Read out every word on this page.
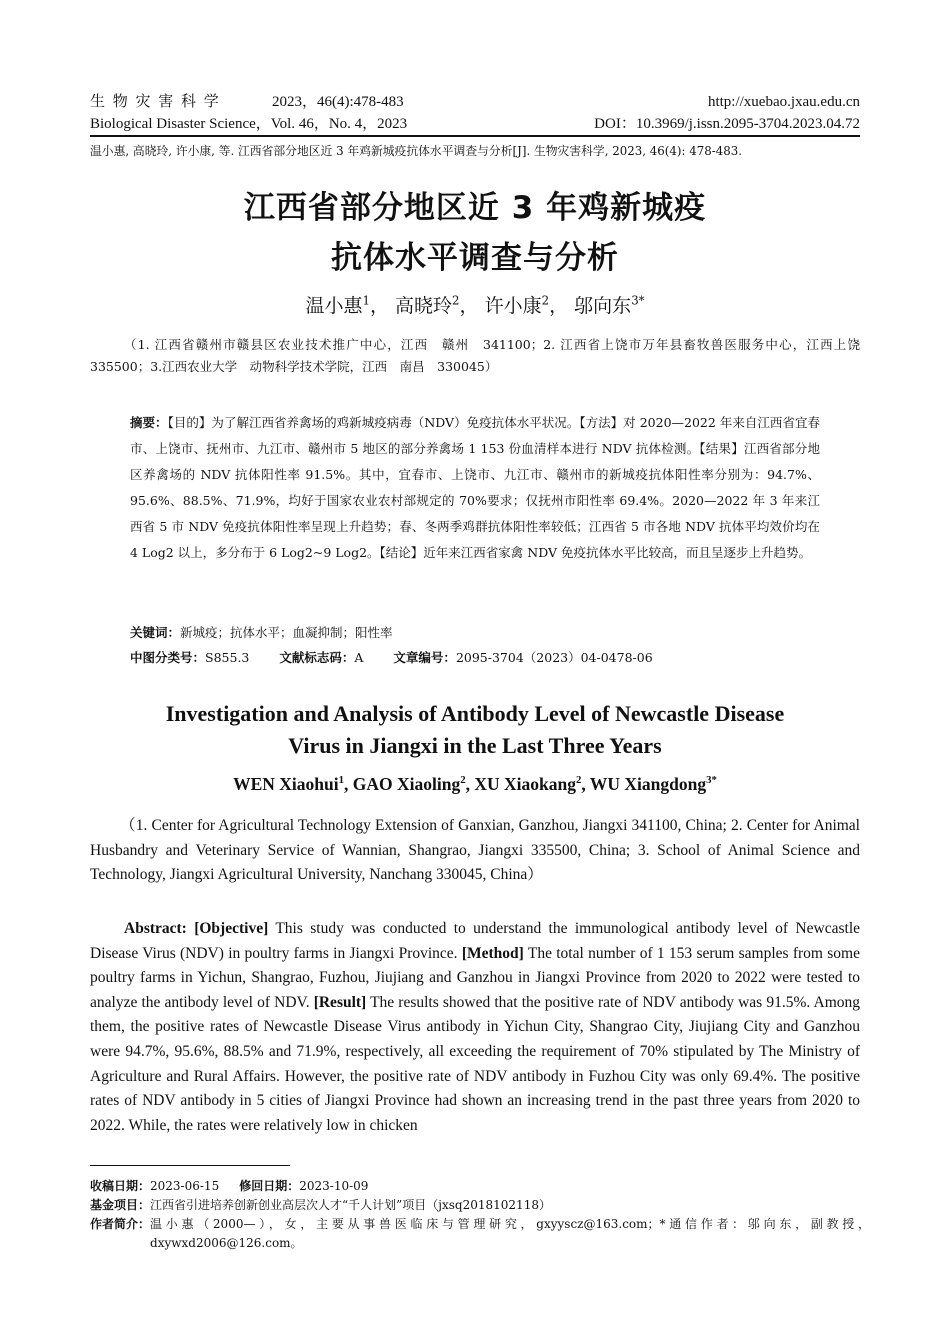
生 物 灾 害 科 学	2023，46(4):478-483	http://xuebao.jxau.edu.cn
Biological Disaster Science，Vol. 46，No. 4，2023	DOI：10.3969/j.issn.2095-3704.2023.04.72
温小惠, 高晓玲, 许小康, 等. 江西省部分地区近 3 年鸡新城疫抗体水平调查与分析[J]. 生物灾害科学, 2023, 46(4): 478-483.
江西省部分地区近 3 年鸡新城疫
抗体水平调查与分析
温小惠$^1$， 高晓玲$^2$， 许小康$^2$， 邬向东$^{3*}$
（1. 江西省赣州市赣县区农业技术推广中心，江西　赣州　341100；2. 江西省上饶市万年县畜牧兽医服务中心，江西上饶　335500；3.江西农业大学　动物科学技术学院，江西　南昌　330045）
摘要：【目的】为了解江西省养禽场的鸡新城疫病毒（NDV）免疫抗体水平状况。【方法】对 2020—2022 年来自江西省宜春市、上饶市、抚州市、九江市、赣州市 5 地区的部分养禽场 1 153 份血清样本进行 NDV 抗体检测。【结果】江西省部分地区养禽场的 NDV 抗体阳性率 91.5%。其中，宜春市、上饶市、九江市、赣州市的新城疫抗体阳性率分别为：94.7%、95.6%、88.5%、71.9%，均好于国家农业农村部规定的 70%要求；仅抚州市阳性率 69.4%。2020—2022 年 3 年来江西省 5 市 NDV 免疫抗体阳性率呈现上升趋势；春、冬两季鸡群抗体阳性率较低；江西省 5 市各地 NDV 抗体平均效价均在 4 Log2 以上，多分布于 6 Log2~9 Log2。【结论】近年来江西省家禽 NDV 免疫抗体水平比较高，而且呈逐步上升趋势。
关键词：新城疫；抗体水平；血凝抑制；阳性率
中图分类号：S855.3 文献标志码：A 文章编号：2095-3704（2023）04-0478-06
Investigation and Analysis of Antibody Level of Newcastle Disease
Virus in Jiangxi in the Last Three Years
WEN Xiaohui$^1$, GAO Xiaoling$^2$, XU Xiaokang$^2$, WU Xiangdong$^{3*}$
（1. Center for Agricultural Technology Extension of Ganxian, Ganzhou, Jiangxi 341100, China; 2. Center for Animal Husbandry and Veterinary Service of Wannian, Shangrao, Jiangxi 335500, China; 3. School of Animal Science and Technology, Jiangxi Agricultural University, Nanchang 330045, China）
Abstract: [Objective] This study was conducted to understand the immunological antibody level of Newcastle Disease Virus (NDV) in poultry farms in Jiangxi Province. [Method] The total number of 1 153 serum samples from some poultry farms in Yichun, Shangrao, Fuzhou, Jiujiang and Ganzhou in Jiangxi Province from 2020 to 2022 were tested to analyze the antibody level of NDV. [Result] The results showed that the positive rate of NDV antibody was 91.5%. Among them, the positive rates of Newcastle Disease Virus antibody in Yichun City, Shangrao City, Jiujiang City and Ganzhou were 94.7%, 95.6%, 88.5% and 71.9%, respectively, all exceeding the requirement of 70% stipulated by The Ministry of Agriculture and Rural Affairs. However, the positive rate of NDV antibody in Fuzhou City was only 69.4%. The positive rates of NDV antibody in 5 cities of Jiangxi Province had shown an increasing trend in the past three years from 2020 to 2022. While, the rates were relatively low in chicken
收稿日期：2023-06-15 修回日期：2023-10-09
基金项目：江西省引进培养创新创业高层次人才“千人计划”项目（jxsq2018102118）
作者简介： 温小惠（2000—），女，主要从事兽医临床与管理研究，gxyyscz@163.com；*通信作者：邬向东，副教授，dxywxd2006@126.com。
